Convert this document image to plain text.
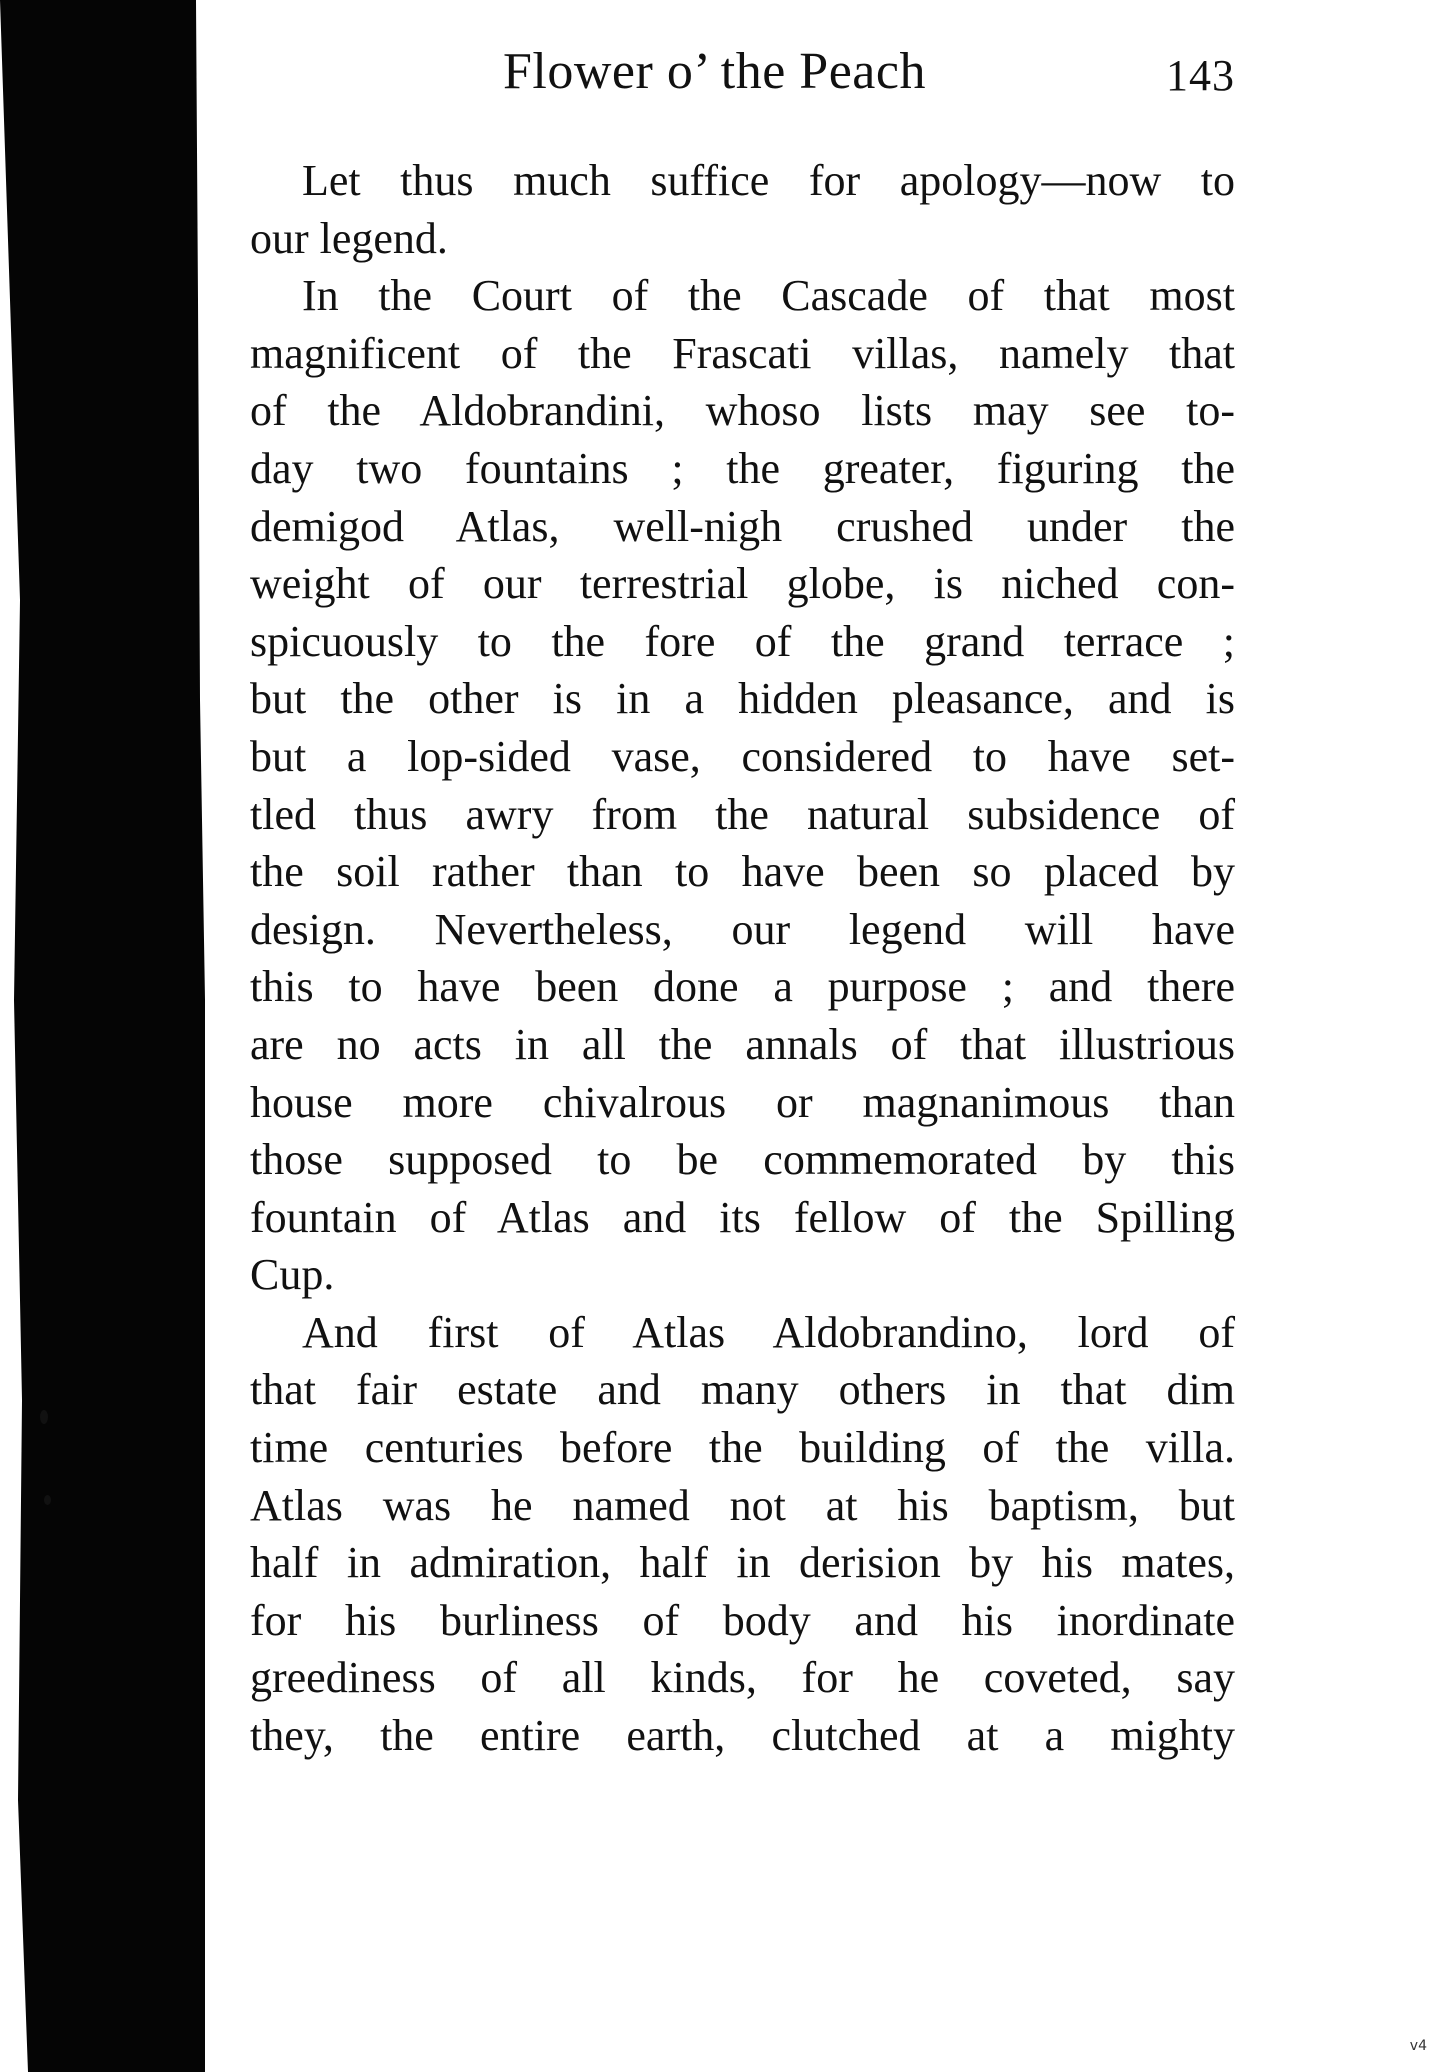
Flower o’ the Peach	143
Let thus much suffice for apology—now to
our legend.
In the Court of the Cascade of that most
magnificent of the Frascati villas, namely that
of the Aldobrandini, whoso lists may see to-
day two fountains ; the greater, figuring the
demigod Atlas, well-nigh crushed under the
weight of our terrestrial globe, is niched con-
spicuously to the fore of the grand terrace ;
but the other is in a hidden pleasance, and is
but a lop-sided vase, considered to have set-
tled thus awry from the natural subsidence of
the soil rather than to have been so placed by
design. Nevertheless, our legend will have
this to have been done a purpose ; and there
are no acts in all the annals of that illustrious
house more chivalrous or magnanimous than
those supposed to be commemorated by this
fountain of Atlas and its fellow of the Spilling
Cup.
And first of Atlas Aldobrandino, lord of
that fair estate and many others in that dim
time centuries before the building of the villa.
Atlas was he named not at his baptism, but
half in admiration, half in derision by his mates,
for his burliness of body and his inordinate
greediness of all kinds, for he coveted, say
they, the entire earth, clutched at a mighty
v4
